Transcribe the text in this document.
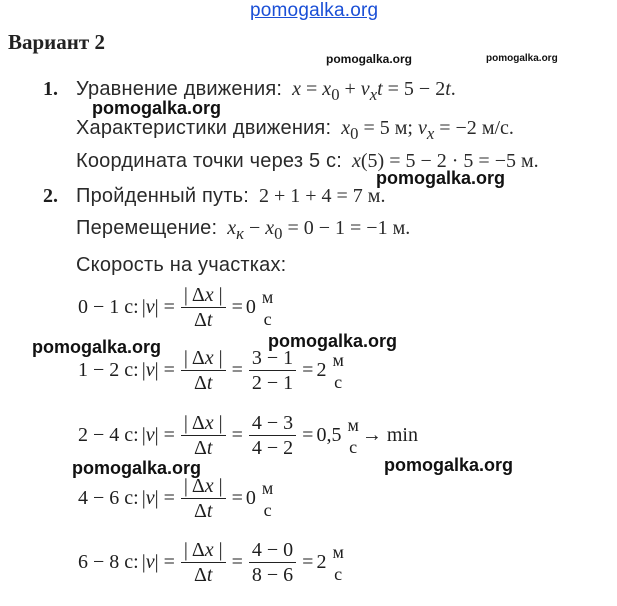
pomogalka.org
pomogalka.org	pomogalka.org
pomogalka.org
pomogalka.org
pomogalka.org	pomogalka.org
pomogalka.org	pomogalka.org
Вариант 2
1. Уравнение движения: $x = x_0 + v_xt = 5 - 2t$.
Характеристики движения: $x_0 = 5$ м; $v_x = -2$ м/с.
Координата точки через 5 с: x(5) = 5 − 2 · 5 = −5 м.
2. Пройденный путь: 2 + 1 + 4 = 7 м.
Перемещение: $x_к - x_0 = 0 - 1 = -1$ м.
Скорость на участках:
0 − 1 с: $|v| = \frac{| \Delta x |}{\Delta t} = 0$ м
с
1 − 2 с: $|v| = \frac{| \Delta x |}{\Delta t} = \frac{3 - 1}{2 - 1} = 2$ м
с
2 − 4 с: $|v| = \frac{| \Delta x |}{\Delta t} = \frac{4 - 3}{4 - 2} = 0,5$ м
с
→ min
4 − 6 с: $|v| = \frac{| \Delta x |}{\Delta t} = 0$ м
с
6 − 8 с: $|v| = \frac{| \Delta x |}{\Delta t} = \frac{4 - 0}{8 - 6} = 2$ м
с
